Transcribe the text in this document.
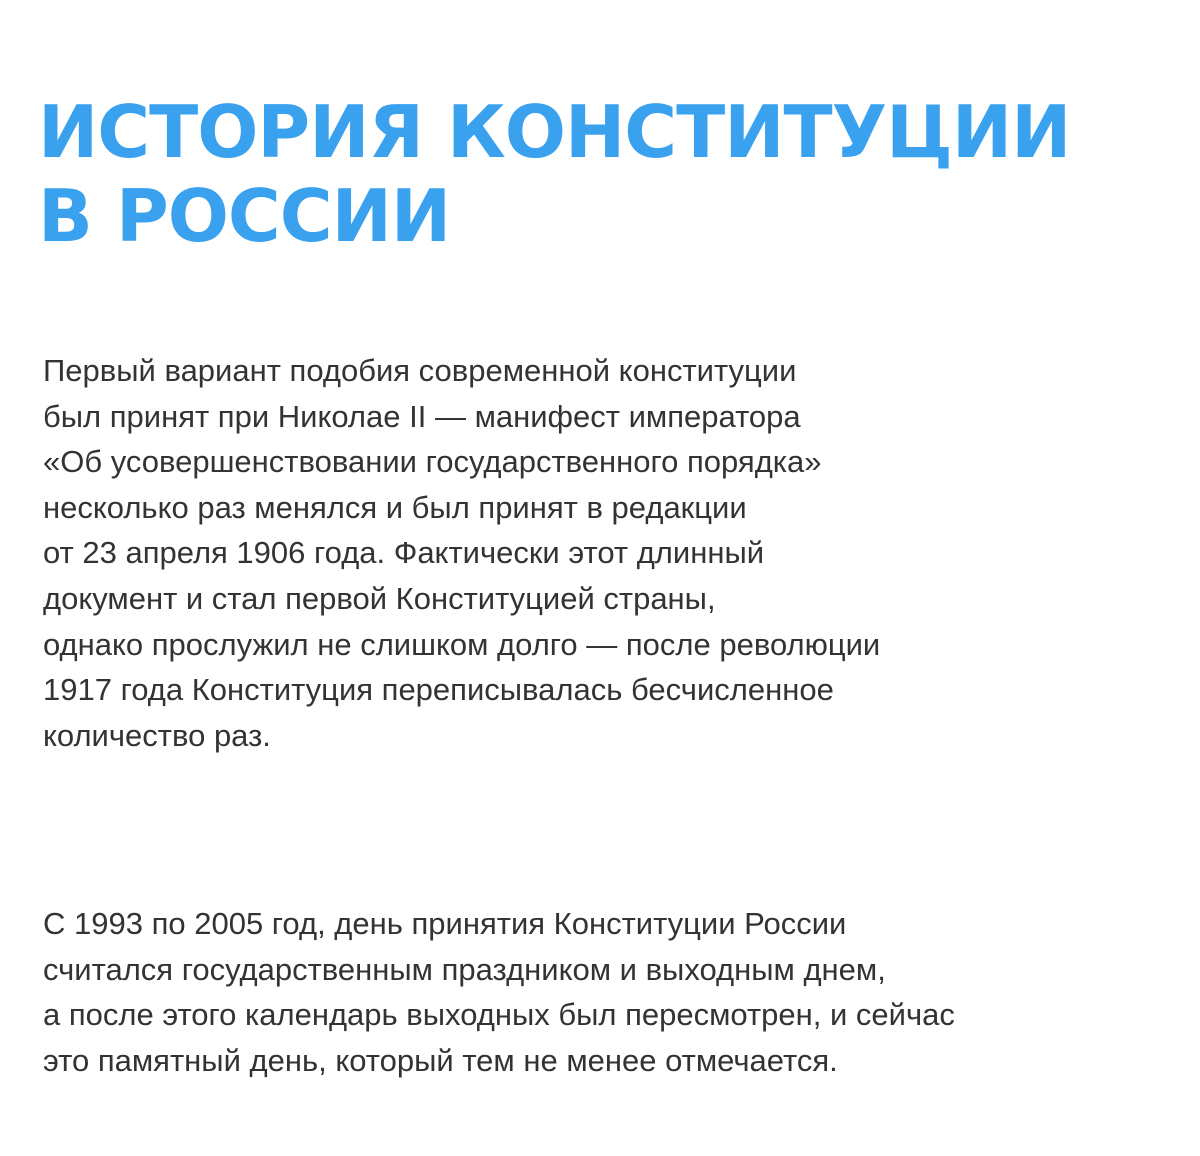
ИСТОРИЯ КОНСТИТУЦИИ
В РОССИИ

Первый вариант подобия современной конституции
был принят при Николае II — манифест императора
«Об усовершенствовании государственного порядка»
несколько раз менялся и был принят в редакции
от 23 апреля 1906 года. Фактически этот длинный
документ и стал первой Конституцией страны,
однако прослужил не слишком долго — после революции
1917 года Конституция переписывалась бесчисленное
количество раз.

С 1993 по 2005 год, день принятия Конституции России
считался государственным праздником и выходным днем,
а после этого календарь выходных был пересмотрен, и сейчас
это памятный день, который тем не менее отмечается.
